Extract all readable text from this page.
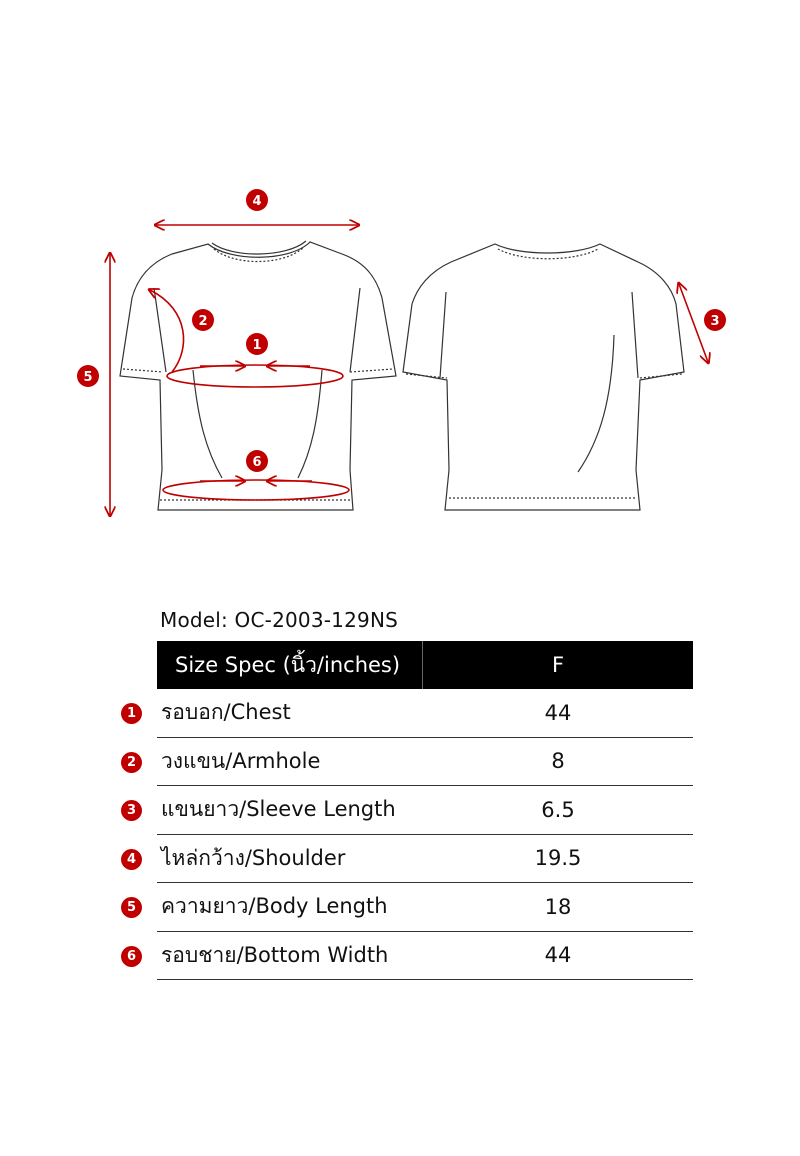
4
2
1
5
6
3
Model: OC-2003-129NS
Size Spec (นิ้ว/inches)	F
1 รอบอก/Chest	44
2 วงแขน/Armhole	8
3 แขนยาว/Sleeve Length	6.5
4 ไหล่กว้าง/Shoulder	19.5
5 ความยาว/Body Length	18
6 รอบชาย/Bottom Width	44
